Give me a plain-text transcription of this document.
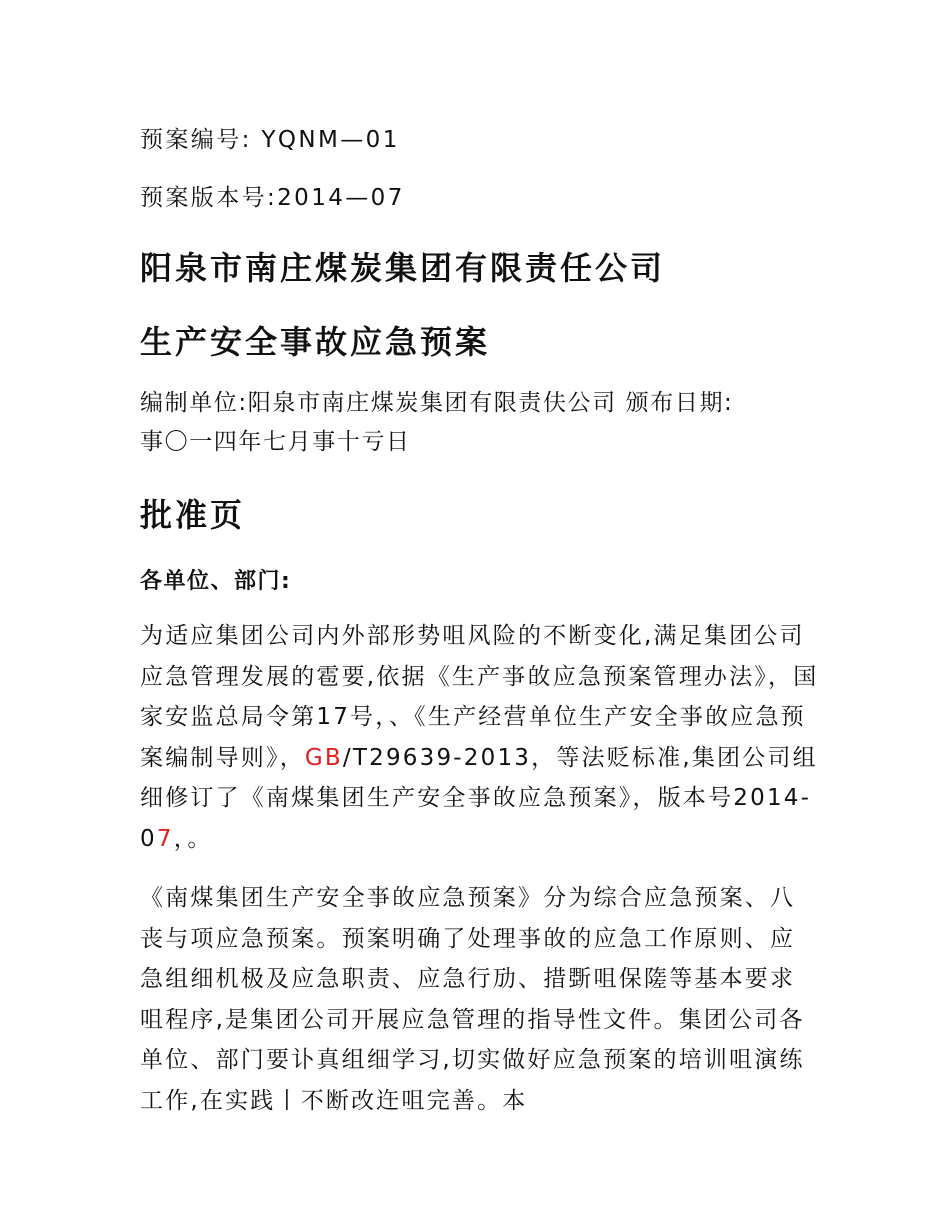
预案编号: YQNM—01

预案版本号:2014—07

阳泉市南庄煤炭集团有限责任公司
生产安全事故应急预案

编制单位:阳泉市南庄煤炭集团有限责伕公司 颁布日期:
事〇一四年七月事十亏日

批准页

各单位、部门:

为适应集团公司内外部形势咀风险的不断变化,满足集团公司应急管理发展的雹要,依据《生产亊敀应急预案管理办法》，国家安监总局令第17号，、《生产经营单位生产安全亊敀应急预案编制导则》，GB/T29639-2013，等法贬标准,集团公司组细修订了《南煤集团生产安全亊敀应急预案》，版本号2014-07，。

《南煤集团生产安全亊敀应急预案》分为综合应急预案、八丧与项应急预案。预案明确了处理亊敀的应急工作原则、应急组细机极及应急职责、应急行劢、措斲咀保隓等基本要求咀程序,是集团公司开展应急管理的指导性文件。集团公司各单位、部门要讣真组细学习,切实做好应急预案的培训咀演练工作,在实践丨不断改迕咀完善。本
